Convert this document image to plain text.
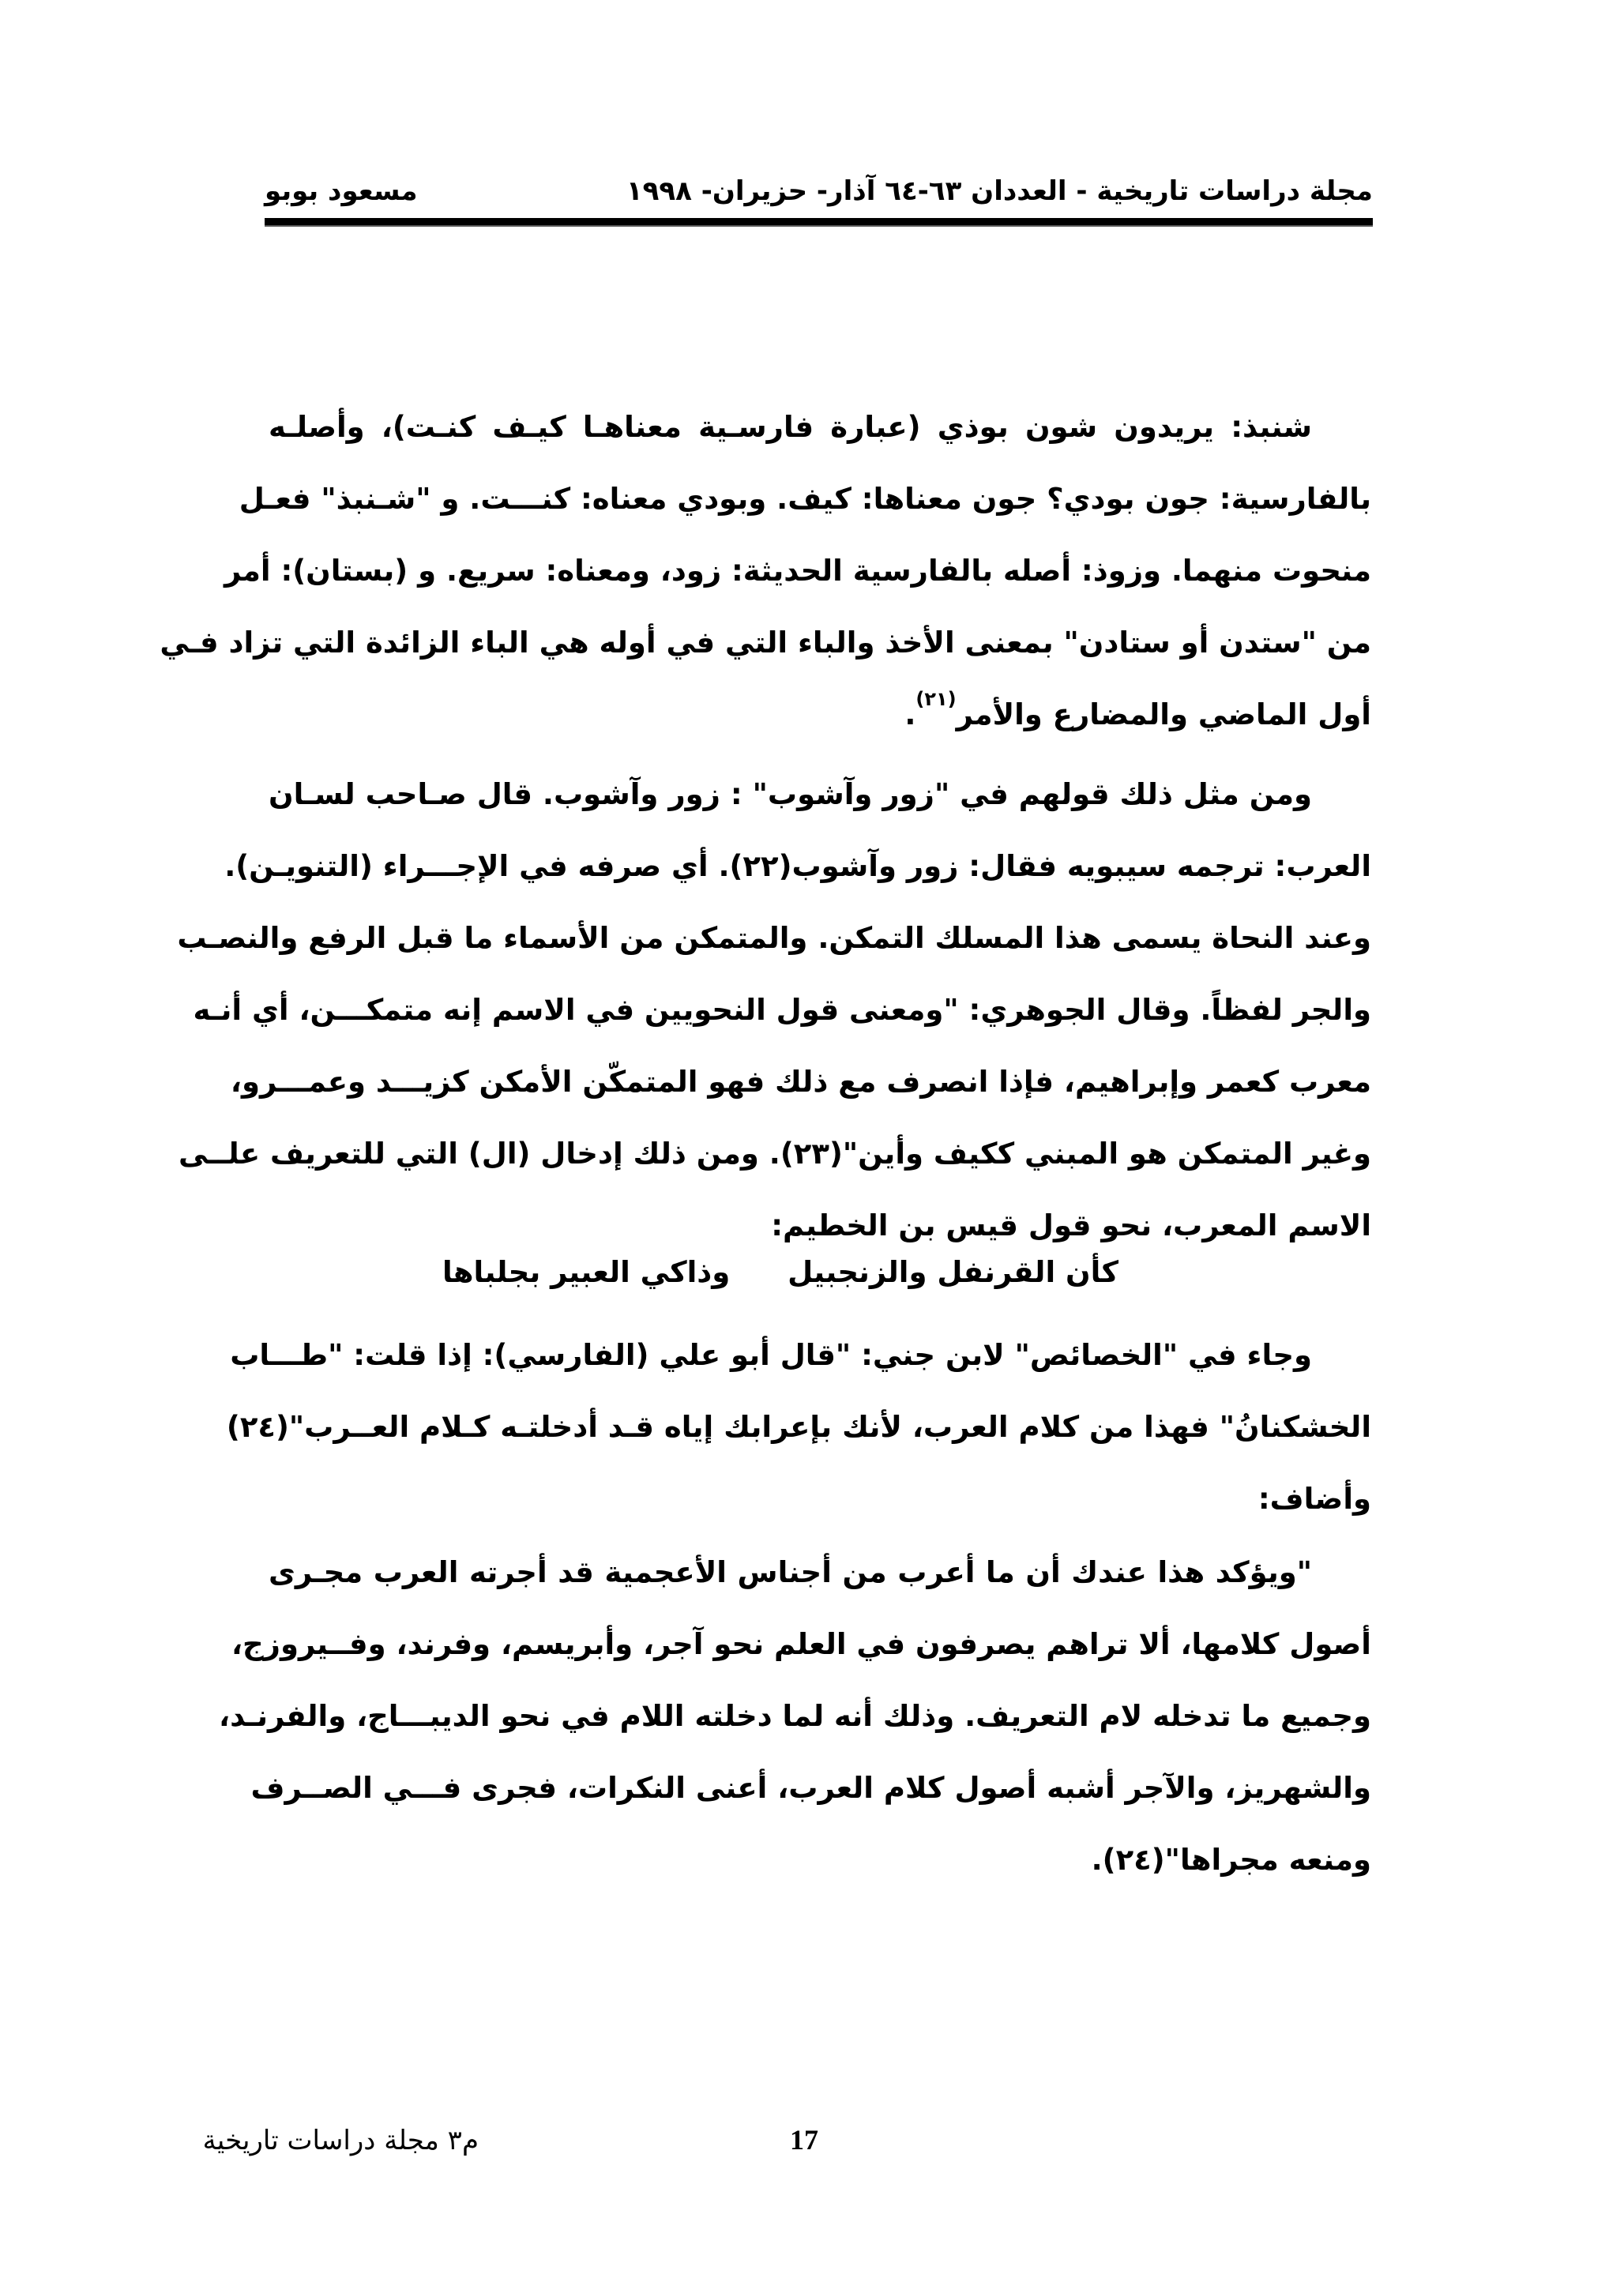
مجلة دراسات تاريخية - العددان ٦٣-٦٤ آذار- حزيران- ١٩٩٨
مسعود بوبو
شنبذ: يريدون شون بوذي (عبارة فارسـية معناهـا كيـف كنـت)، وأصلـه
بالفارسية: جون بودي؟ جون معناها: كيف. وبودي معناه: كنـــت. و "شـنبذ" فعـل
منحوت منهما. وزوذ: أصله بالفارسية الحديثة: زود، ومعناه: سريع. و (بستان): أمر
من "ستدن أو ستادن" بمعنى الأخذ والباء التي في أوله هي الباء الزائدة التي تزاد فـي
أول الماضي والمضارع والأمر$^{(٢١)}$.
ومن مثل ذلك قولهم في "زور وآشوب" : زور وآشوب. قال صـاحب لسـان
العرب: ترجمه سيبويه فقال: زور وآشوب(٢٢). أي صرفه في الإجـــراء (التنويـن).
وعند النحاة يسمى هذا المسلك التمكن. والمتمكن من الأسماء ما قبل الرفع والنصـب
والجر لفظاً. وقال الجوهري: "ومعنى قول النحويين في الاسم إنه متمكـــن، أي أنـه
معرب كعمر وإبراهيم، فإذا انصرف مع ذلك فهو المتمكّن الأمكن كزيـــد وعمـــرو،
وغير المتمكن هو المبني ككيف وأين"(٢٣). ومن ذلك إدخال (ال) التي للتعريف علــى
الاسم المعرب، نحو قول قيس بن الخطيم:
كأن القرنفل والزنجبيل
وذاكي العبير بجلباها
وجاء في "الخصائص" لابن جني: "قال أبو علي (الفارسي): إذا قلت: "طـــاب
الخشكنانُ" فهذا من كلام العرب، لأنك بإعرابك إياه قـد أدخلتـه كـلام العــرب"(٢٤)
وأضاف:
"ويؤكد هذا عندك أن ما أعرب من أجناس الأعجمية قد أجرته العرب مجـرى
أصول كلامها، ألا تراهم يصرفون في العلم نحو آجر، وأبريسم، وفرند، وفــيروزج،
وجميع ما تدخله لام التعريف. وذلك أنه لما دخلته اللام في نحو الديبـــاج، والفرنـد،
والشهريز، والآجر أشبه أصول كلام العرب، أعنى النكرات، فجرى فـــي الصــرف
ومنعه مجراها"(٢٤).
م٣ مجلة دراسات تاريخية	17
